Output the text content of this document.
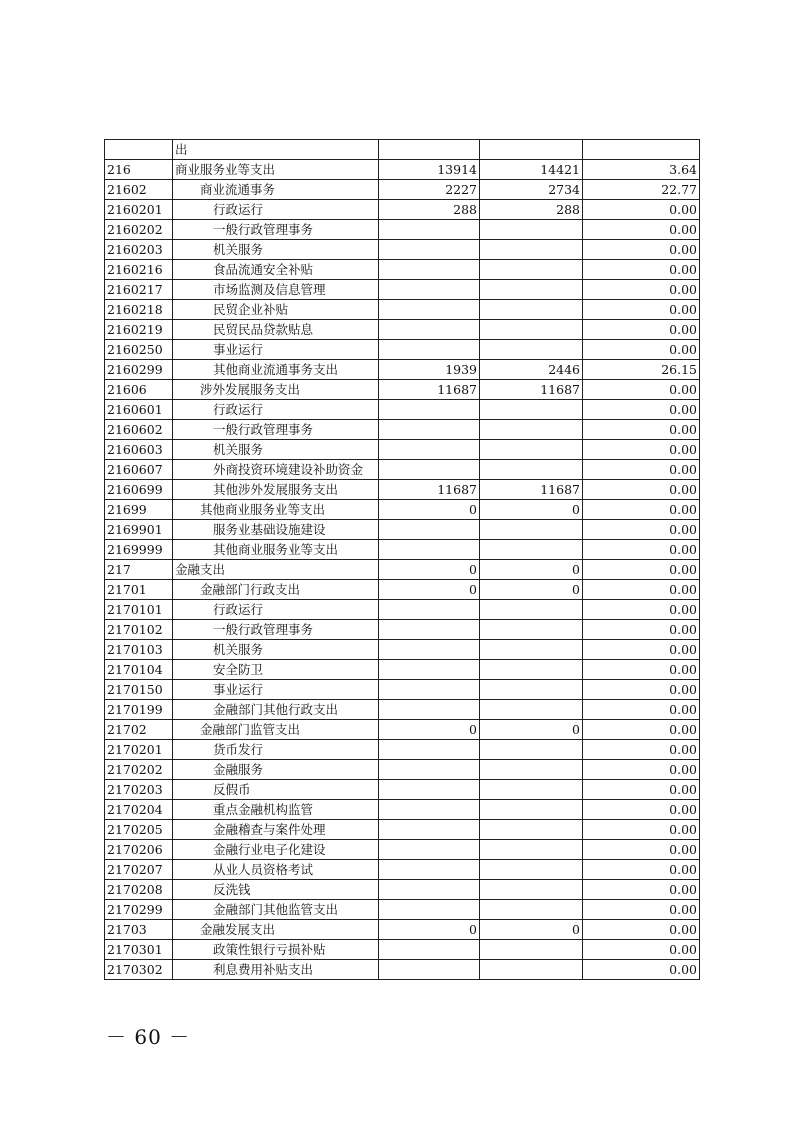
	出			
216	商业服务业等支出	13914	14421	3.64
21602	商业流通事务	2227	2734	22.77
2160201	行政运行	288	288	0.00
2160202	一般行政管理事务			0.00
2160203	机关服务			0.00
2160216	食品流通安全补贴			0.00
2160217	市场监测及信息管理			0.00
2160218	民贸企业补贴			0.00
2160219	民贸民品贷款贴息			0.00
2160250	事业运行			0.00
2160299	其他商业流通事务支出	1939	2446	26.15
21606	涉外发展服务支出	11687	11687	0.00
2160601	行政运行			0.00
2160602	一般行政管理事务			0.00
2160603	机关服务			0.00
2160607	外商投资环境建设补助资金			0.00
2160699	其他涉外发展服务支出	11687	11687	0.00
21699	其他商业服务业等支出	0	0	0.00
2169901	服务业基础设施建设			0.00
2169999	其他商业服务业等支出			0.00
217	金融支出	0	0	0.00
21701	金融部门行政支出	0	0	0.00
2170101	行政运行			0.00
2170102	一般行政管理事务			0.00
2170103	机关服务			0.00
2170104	安全防卫			0.00
2170150	事业运行			0.00
2170199	金融部门其他行政支出			0.00
21702	金融部门监管支出	0	0	0.00
2170201	货币发行			0.00
2170202	金融服务			0.00
2170203	反假币			0.00
2170204	重点金融机构监管			0.00
2170205	金融稽查与案件处理			0.00
2170206	金融行业电子化建设			0.00
2170207	从业人员资格考试			0.00
2170208	反洗钱			0.00
2170299	金融部门其他监管支出			0.00
21703	金融发展支出	0	0	0.00
2170301	政策性银行亏损补贴			0.00
2170302	利息费用补贴支出			0.00
－ 60 －
